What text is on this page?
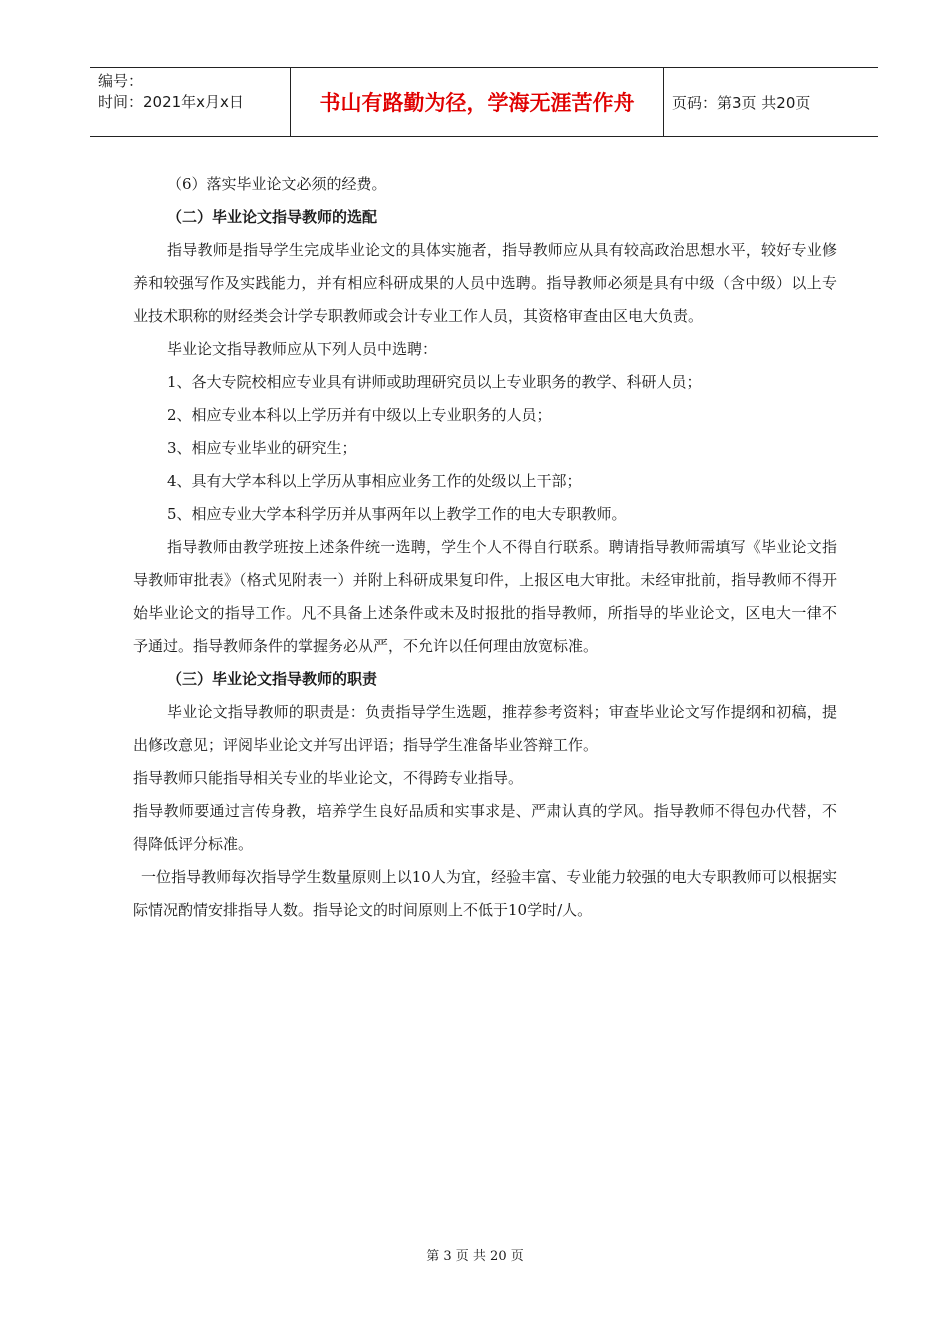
编号：
时间：2021年x月x日	书山有路勤为径，学海无涯苦作舟	页码：第3页 共20页

（6）落实毕业论文必须的经费。

（二）毕业论文指导教师的选配

指导教师是指导学生完成毕业论文的具体实施者，指导教师应从具有较高政治思想水平，较好专业修养和较强写作及实践能力，并有相应科研成果的人员中选聘。指导教师必须是具有中级（含中级）以上专业技术职称的财经类会计学专职教师或会计专业工作人员，其资格审查由区电大负责。

毕业论文指导教师应从下列人员中选聘：

1、各大专院校相应专业具有讲师或助理研究员以上专业职务的教学、科研人员；

2、相应专业本科以上学历并有中级以上专业职务的人员；

3、相应专业毕业的研究生；

4、具有大学本科以上学历从事相应业务工作的处级以上干部；

5、相应专业大学本科学历并从事两年以上教学工作的电大专职教师。

指导教师由教学班按上述条件统一选聘，学生个人不得自行联系。聘请指导教师需填写《毕业论文指导教师审批表》（格式见附表一）并附上科研成果复印件，上报区电大审批。未经审批前，指导教师不得开始毕业论文的指导工作。凡不具备上述条件或未及时报批的指导教师，所指导的毕业论文，区电大一律不予通过。指导教师条件的掌握务必从严，不允许以任何理由放宽标准。

（三）毕业论文指导教师的职责

毕业论文指导教师的职责是：负责指导学生选题，推荐参考资料；审查毕业论文写作提纲和初稿，提出修改意见；评阅毕业论文并写出评语；指导学生准备毕业答辩工作。

指导教师只能指导相关专业的毕业论文，不得跨专业指导。

指导教师要通过言传身教，培养学生良好品质和实事求是、严肃认真的学风。指导教师不得包办代替，不得降低评分标准。

一位指导教师每次指导学生数量原则上以10人为宜，经验丰富、专业能力较强的电大专职教师可以根据实际情况酌情安排指导人数。指导论文的时间原则上不低于10学时/人。

第 3 页 共 20 页
